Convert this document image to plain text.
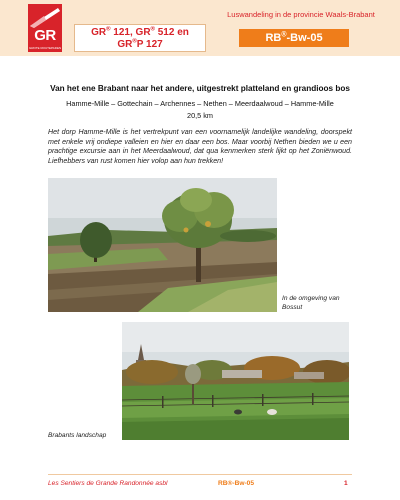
GR
GROTE ROUTEPADEN
GR® 121, GR® 512 en
GR®P 127
Luswandeling in de provincie Waals-Brabant
RB®-Bw-05
Van het ene Brabant naar het andere, uitgestrekt platteland en grandioos bos
Hamme-Mille – Gottechain – Archennes – Nethen – Meerdaalwoud – Hamme-Mille
20,5 km
Het dorp Hamme-Mille is het vertrekpunt van een voornamelijk landelijke wandeling, doorspekt met enkele vrij ondiepe valleien en hier en daar een bos. Maar voorbij Nethen bieden we u een prachtige excursie aan in het Meerdaalwoud, dat qua kenmerken sterk lijkt op het Zoniënwoud. Liefhebbers van rust komen hier volop aan hun trekken!
In de omgeving van Bossut
Brabants landschap
Les Sentiers de Grande Randonnée asbl	RB®-Bw-05	1
